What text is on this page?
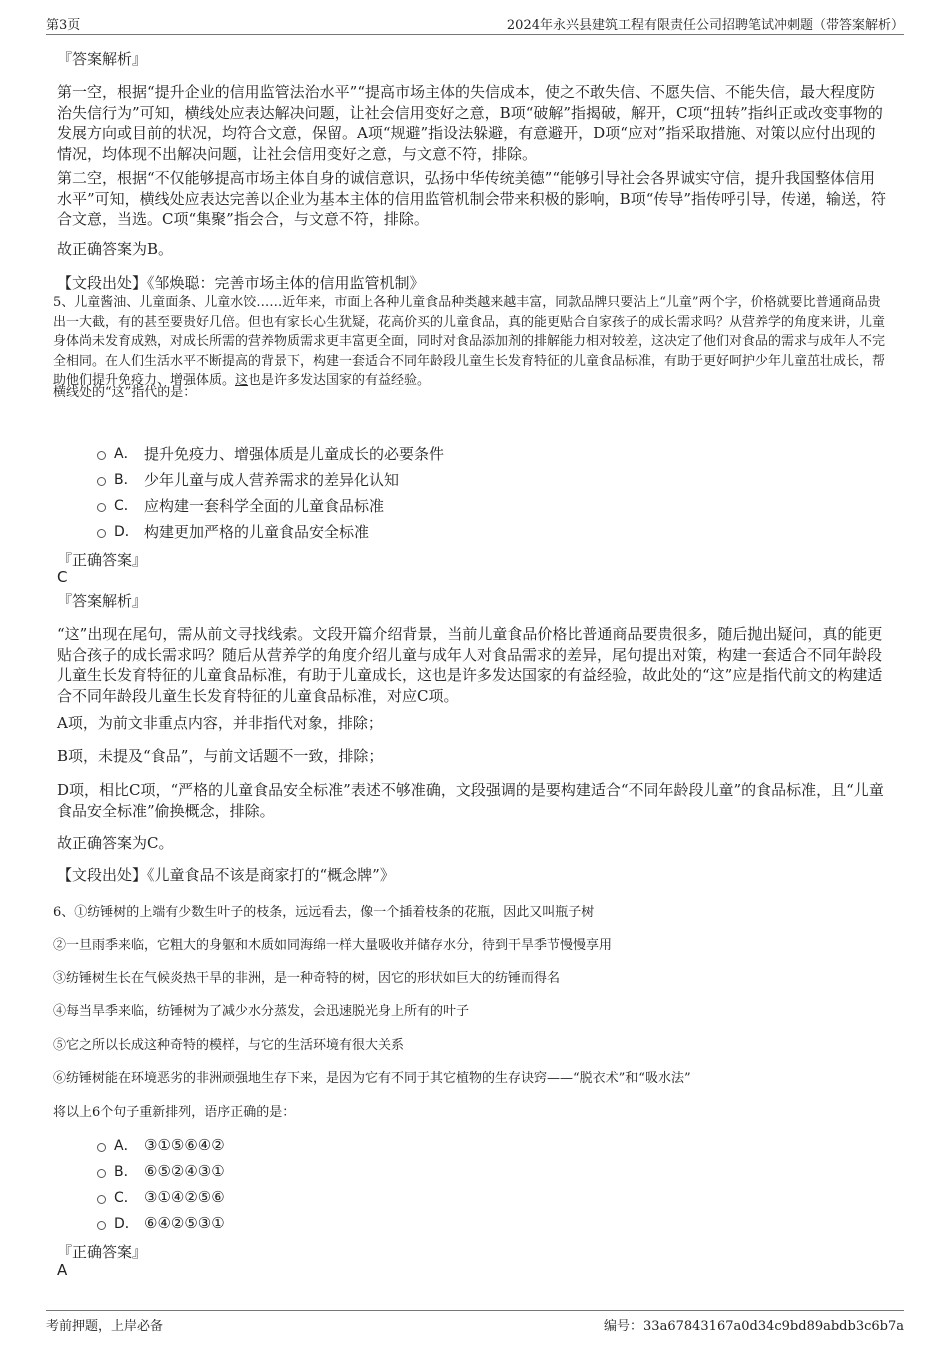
第3页	2024年永兴县建筑工程有限责任公司招聘笔试冲刺题（带答案解析）
『答案解析』
第一空，根据“提升企业的信用监管法治水平”“提高市场主体的失信成本，使之不敢失信、不愿失信、不能失信，最大程度防治失信行为”可知，横线处应表达解决问题，让社会信用变好之意，B项“破解”指揭破，解开，C项“扭转”指纠正或改变事物的发展方向或目前的状况，均符合文意，保留。A项“规避”指设法躲避，有意避开，D项“应对”指采取措施、对策以应付出现的情况，均体现不出解决问题，让社会信用变好之意，与文意不符，排除。
第二空，根据“不仅能够提高市场主体自身的诚信意识，弘扬中华传统美德”“能够引导社会各界诚实守信，提升我国整体信用水平”可知，横线处应表达完善以企业为基本主体的信用监管机制会带来积极的影响，B项“传导”指传呼引导，传递，输送，符合文意，当选。C项“集聚”指会合，与文意不符，排除。
故正确答案为B。
【文段出处】《邹焕聪：完善市场主体的信用监管机制》
5、儿童酱油、儿童面条、儿童水饺……近年来，市面上各种儿童食品种类越来越丰富，同款品牌只要沾上“儿童”两个字，价格就要比普通商品贵出一大截，有的甚至要贵好几倍。但也有家长心生犹疑，花高价买的儿童食品，真的能更贴合自家孩子的成长需求吗？从营养学的角度来讲，儿童身体尚未发育成熟，对成长所需的营养物质需求更丰富更全面，同时对食品添加剂的排解能力相对较差，这决定了他们对食品的需求与成年人不完全相同。在人们生活水平不断提高的背景下，构建一套适合不同年龄段儿童生长发育特征的儿童食品标准，有助于更好呵护少年儿童茁壮成长，帮助他们提升免疫力、增强体质。这也是许多发达国家的有益经验。
横线处的“这”指代的是：
A． 提升免疫力、增强体质是儿童成长的必要条件
B． 少年儿童与成人营养需求的差异化认知
C． 应构建一套科学全面的儿童食品标准
D． 构建更加严格的儿童食品安全标准
『正确答案』
C
『答案解析』
“这”出现在尾句，需从前文寻找线索。文段开篇介绍背景，当前儿童食品价格比普通商品要贵很多，随后抛出疑问，真的能更贴合孩子的成长需求吗？随后从营养学的角度介绍儿童与成年人对食品需求的差异，尾句提出对策，构建一套适合不同年龄段儿童生长发育特征的儿童食品标准，有助于儿童成长，这也是许多发达国家的有益经验，故此处的“这”应是指代前文的构建适合不同年龄段儿童生长发育特征的儿童食品标准，对应C项。
A项，为前文非重点内容，并非指代对象，排除；
B项，未提及“食品”，与前文话题不一致，排除；
D项，相比C项，“严格的儿童食品安全标准”表述不够准确，文段强调的是要构建适合“不同年龄段儿童”的食品标准，且“儿童食品安全标准”偷换概念，排除。
故正确答案为C。
【文段出处】《儿童食品不该是商家打的“概念牌”》
6、①纺锤树的上端有少数生叶子的枝条，远远看去，像一个插着枝条的花瓶，因此又叫瓶子树
②一旦雨季来临，它粗大的身躯和木质如同海绵一样大量吸收并储存水分，待到干旱季节慢慢享用
③纺锤树生长在气候炎热干旱的非洲，是一种奇特的树，因它的形状如巨大的纺锤而得名
④每当旱季来临，纺锤树为了减少水分蒸发，会迅速脱光身上所有的叶子
⑤它之所以长成这种奇特的模样，与它的生活环境有很大关系
⑥纺锤树能在环境恶劣的非洲顽强地生存下来，是因为它有不同于其它植物的生存诀窍——“脱衣术”和“吸水法”
将以上6个句子重新排列，语序正确的是：
A． ③①⑤⑥④②
B． ⑥⑤②④③①
C． ③①④②⑤⑥
D． ⑥④②⑤③①
『正确答案』
A
考前押题，上岸必备	编号：33a67843167a0d34c9bd89abdb3c6b7a
